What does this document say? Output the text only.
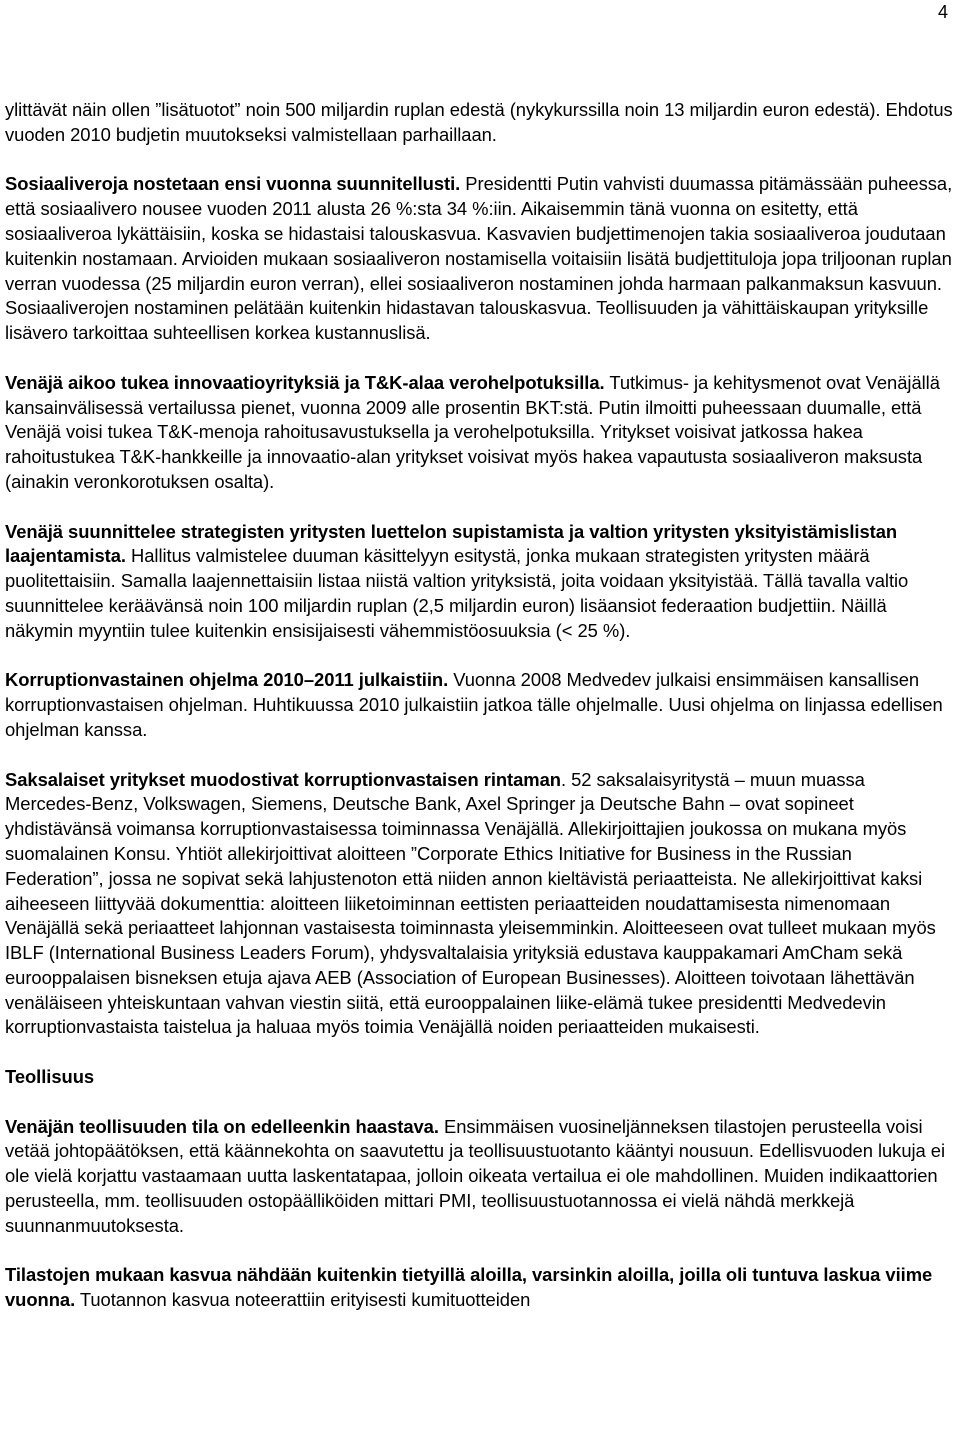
4

ylittävät näin ollen ”lisätuotot” noin 500 miljardin ruplan edestä (nykykurssilla noin 13 miljardin euron edestä). Ehdotus vuoden 2010 budjetin muutokseksi valmistellaan parhaillaan.

Sosiaaliveroja nostetaan ensi vuonna suunnitellusti. Presidentti Putin vahvisti duumassa pitämässään puheessa, että sosiaalivero nousee vuoden 2011 alusta 26 %:sta 34 %:iin. Aikaisemmin tänä vuonna on esitetty, että sosiaaliveroa lykättäisiin, koska se hidastaisi talouskasvua. Kasvavien budjettimenojen takia sosiaaliveroa joudutaan kuitenkin nostamaan. Arvioiden mukaan sosiaaliveron nostamisella voitaisiin lisätä budjettituloja jopa triljoonan ruplan verran vuodessa (25 miljardin euron verran), ellei sosiaaliveron nostaminen johda harmaan palkanmaksun kasvuun. Sosiaaliverojen nostaminen pelätään kuitenkin hidastavan talouskasvua. Teollisuuden ja vähittäiskaupan yrityksille lisävero tarkoittaa suhteellisen korkea kustannuslisä.

Venäjä aikoo tukea innovaatioyrityksiä ja T&K-alaa verohelpotuksilla. Tutkimus- ja kehitysmenot ovat Venäjällä kansainvälisessä vertailussa pienet, vuonna 2009 alle prosentin BKT:stä. Putin ilmoitti puheessaan duumalle, että Venäjä voisi tukea T&K-menoja rahoitusavustuksella ja verohelpotuksilla. Yritykset voisivat jatkossa hakea rahoitustukea T&K-hankkeille ja innovaatio-alan yritykset voisivat myös hakea vapautusta sosiaaliveron maksusta (ainakin veronkorotuksen osalta).

Venäjä suunnittelee strategisten yritysten luettelon supistamista ja valtion yritysten yksityistämislistan laajentamista. Hallitus valmistelee duuman käsittelyyn esitystä, jonka mukaan strategisten yritysten määrä puolitettaisiin. Samalla laajennettaisiin listaa niistä valtion yrityksistä, joita voidaan yksityistää. Tällä tavalla valtio suunnittelee keräävänsä noin 100 miljardin ruplan (2,5 miljardin euron) lisäansiot federaation budjettiin. Näillä näkymin myyntiin tulee kuitenkin ensisijaisesti vähemmistöosuuksia (< 25 %).

Korruptionvastainen ohjelma 2010–2011 julkaistiin. Vuonna 2008 Medvedev julkaisi ensimmäisen kansallisen korruptionvastaisen ohjelman. Huhtikuussa 2010 julkaistiin jatkoa tälle ohjelmalle. Uusi ohjelma on linjassa edellisen ohjelman kanssa.

Saksalaiset yritykset muodostivat korruptionvastaisen rintaman. 52 saksalaisyritystä – muun muassa Mercedes-Benz, Volkswagen, Siemens, Deutsche Bank, Axel Springer ja Deutsche Bahn – ovat sopineet yhdistävänsä voimansa korruptionvastaisessa toiminnassa Venäjällä. Allekirjoittajien joukossa on mukana myös suomalainen Konsu. Yhtiöt allekirjoittivat aloitteen ”Corporate Ethics Initiative for Business in the Russian Federation”, jossa ne sopivat sekä lahjustenoton että niiden annon kieltävistä periaatteista. Ne allekirjoittivat kaksi aiheeseen liittyvää dokumenttia: aloitteen liiketoiminnan eettisten periaatteiden noudattamisesta nimenomaan Venäjällä sekä periaatteet lahjonnan vastaisesta toiminnasta yleisemminkin. Aloitteeseen ovat tulleet mukaan myös IBLF (International Business Leaders Forum), yhdysvaltalaisia yrityksiä edustava kauppakamari AmCham sekä eurooppalaisen bisneksen etuja ajava AEB (Association of European Businesses). Aloitteen toivotaan lähettävän venäläiseen yhteiskuntaan vahvan viestin siitä, että eurooppalainen liike-elämä tukee presidentti Medvedevin korruptionvastaista taistelua ja haluaa myös toimia Venäjällä noiden periaatteiden mukaisesti.

Teollisuus

Venäjän teollisuuden tila on edelleenkin haastava. Ensimmäisen vuosineljänneksen tilastojen perusteella voisi vetää johtopäätöksen, että käännekohta on saavutettu ja teollisuustuotanto kääntyi nousuun. Edellisvuoden lukuja ei ole vielä korjattu vastaamaan uutta laskentatapaa, jolloin oikeata vertailua ei ole mahdollinen. Muiden indikaattorien perusteella, mm. teollisuuden ostopäälliköiden mittari PMI, teollisuustuotannossa ei vielä nähdä merkkejä suunnanmuutoksesta.

Tilastojen mukaan kasvua nähdään kuitenkin tietyillä aloilla, varsinkin aloilla, joilla oli tuntuva laskua viime vuonna. Tuotannon kasvua noteerattiin erityisesti kumituotteiden
